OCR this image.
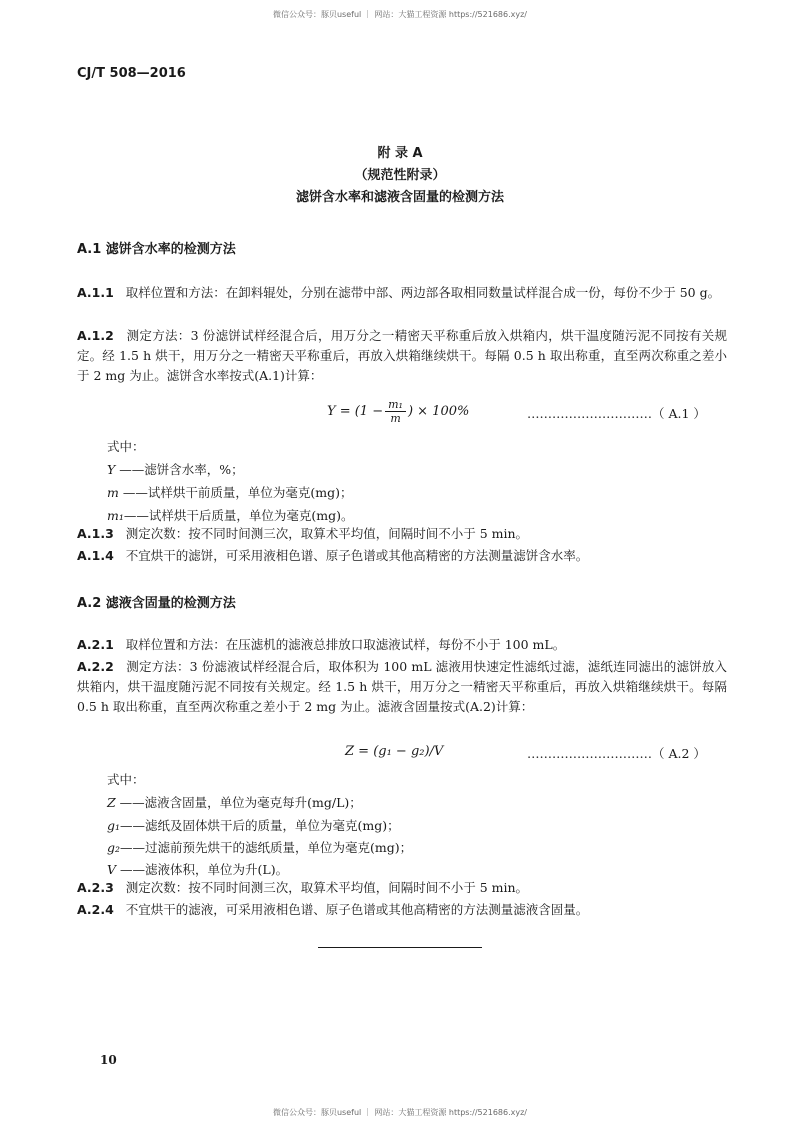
微信公众号：豚贝useful ｜ 网站：大猫工程资源 https://521686.xyz/
CJ/T 508—2016
附 录 A
（规范性附录）
滤饼含水率和滤液含固量的检测方法
A.1 滤饼含水率的检测方法
A.1.1 取样位置和方法：在卸料辊处，分别在滤带中部、两边部各取相同数量试样混合成一份，每份不少于 50 g。
A.1.2 测定方法：3 份滤饼试样经混合后，用万分之一精密天平称重后放入烘箱内，烘干温度随污泥不同按有关规定。经 1.5 h 烘干，用万分之一精密天平称重后，再放入烘箱继续烘干。每隔 0.5 h 取出称重，直至两次称重之差小于 2 mg 为止。滤饼含水率按式(A.1)计算：
$Y = (1 - \frac{\text{m₁}}{m}$ ) × 100%	…………………………（ A.1 ）
式中：
Y ——滤饼含水率，%；
m ——试样烘干前质量，单位为毫克(mg)；
m₁——试样烘干后质量，单位为毫克(mg)。
A.1.3 测定次数：按不同时间测三次，取算术平均值，间隔时间不小于 5 min。
A.1.4 不宜烘干的滤饼，可采用液相色谱、原子色谱或其他高精密的方法测量滤饼含水率。
A.2 滤液含固量的检测方法
A.2.1 取样位置和方法：在压滤机的滤液总排放口取滤液试样，每份不小于 100 mL。
A.2.2 测定方法：3 份滤液试样经混合后，取体积为 100 mL 滤液用快速定性滤纸过滤，滤纸连同滤出的滤饼放入烘箱内，烘干温度随污泥不同按有关规定。经 1.5 h 烘干，用万分之一精密天平称重后，再放入烘箱继续烘干。每隔 0.5 h 取出称重，直至两次称重之差小于 2 mg 为止。滤液含固量按式(A.2)计算：
Z = (g₁ − g₂)/V	…………………………（ A.2 ）
式中：
Z ——滤液含固量，单位为毫克每升(mg/L)；
g₁——滤纸及固体烘干后的质量，单位为毫克(mg)；
g₂——过滤前预先烘干的滤纸质量，单位为毫克(mg)；
V ——滤液体积，单位为升(L)。
A.2.3 测定次数：按不同时间测三次，取算术平均值，间隔时间不小于 5 min。
A.2.4 不宜烘干的滤液，可采用液相色谱、原子色谱或其他高精密的方法测量滤液含固量。
10
微信公众号：豚贝useful ｜ 网站：大猫工程资源 https://521686.xyz/
